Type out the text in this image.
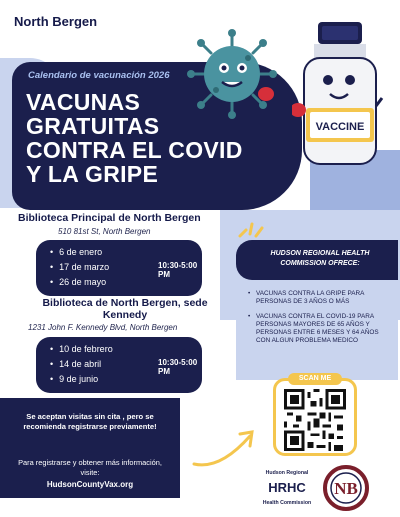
North Bergen
Calendario de vacunación 2026
VACUNAS GRATUITAS CONTRA EL COVID Y LA GRIPE
VACCINE
Biblioteca Principal de North Bergen
510 81st St, North Bergen
• 6 de enero
• 17 de marzo
• 26 de mayo
10:30-5:00 PM
Biblioteca de North Bergen, sede Kennedy
1231 John F. Kennedy Blvd, North Bergen
• 10 de febrero
• 14 de abril
• 9 de junio
10:30-5:00 PM
• VACUNAS CONTRA LA GRIPE PARA PERSONAS DE 3 AÑOS O MÁS
• VACUNAS CONTRA EL COVID-19 PARA PERSONAS MAYORES DE 65 AÑOS Y PERSONAS ENTRE 6 MESES Y 64 AÑOS CON ALGUN PROBLEMA MEDICO
HUDSON REGIONAL HEALTH COMMISSION OFRECE:
Se aceptan visitas sin cita , pero se recomienda registrarse previamente!
Para registrarse y obtener más información, visite:
HudsonCountyVax.org
SCAN ME
Hudson Regional
HRHC
Health Commission
NB
